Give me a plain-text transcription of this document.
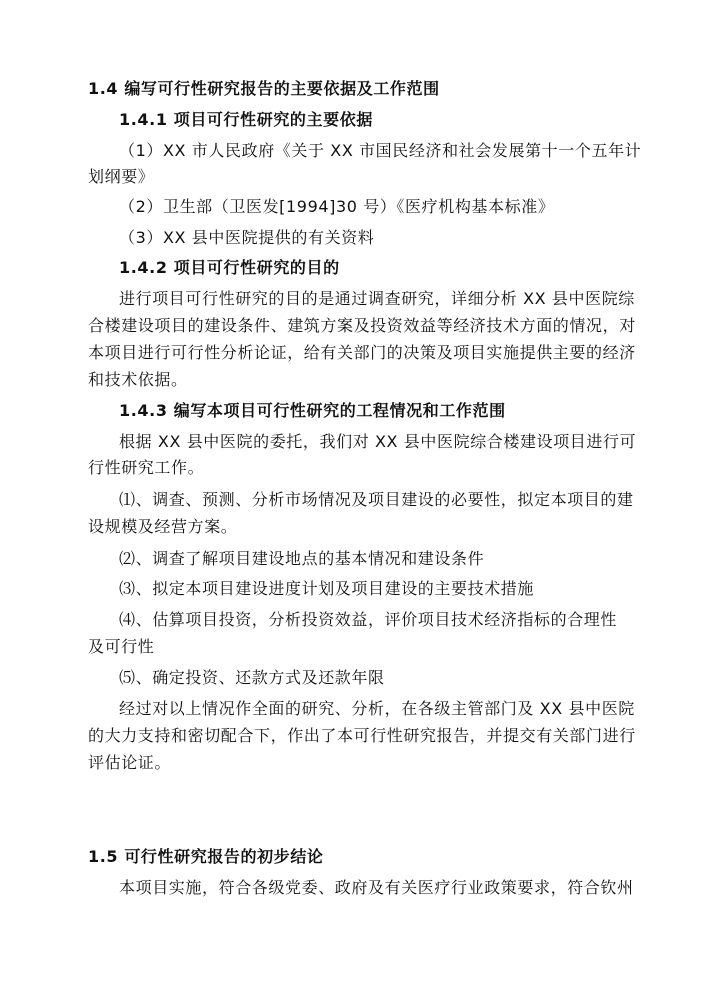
1.4 编写可行性研究报告的主要依据及工作范围
1.4.1 项目可行性研究的主要依据
（1）XX 市人民政府《关于 XX 市国民经济和社会发展第十一个五年计
划纲要》
（2）卫生部（卫医发[1994]30 号）《医疗机构基本标准》
（3）XX 县中医院提供的有关资料
1.4.2 项目可行性研究的目的
进行项目可行性研究的目的是通过调查研究，详细分析 XX 县中医院综
合楼建设项目的建设条件、建筑方案及投资效益等经济技术方面的情况，对
本项目进行可行性分析论证，给有关部门的决策及项目实施提供主要的经济
和技术依据。
1.4.3 编写本项目可行性研究的工程情况和工作范围
根据 XX 县中医院的委托，我们对 XX 县中医院综合楼建设项目进行可
行性研究工作。
⑴、调查、预测、分析市场情况及项目建设的必要性，拟定本项目的建
设规模及经营方案。
⑵、调查了解项目建设地点的基本情况和建设条件
⑶、拟定本项目建设进度计划及项目建设的主要技术措施
⑷、估算项目投资，分析投资效益，评价项目技术经济指标的合理性
及可行性
⑸、确定投资、还款方式及还款年限
经过对以上情况作全面的研究、分析，在各级主管部门及 XX 县中医院
的大力支持和密切配合下，作出了本可行性研究报告，并提交有关部门进行
评估论证。
1.5 可行性研究报告的初步结论
本项目实施，符合各级党委、政府及有关医疗行业政策要求，符合钦州
